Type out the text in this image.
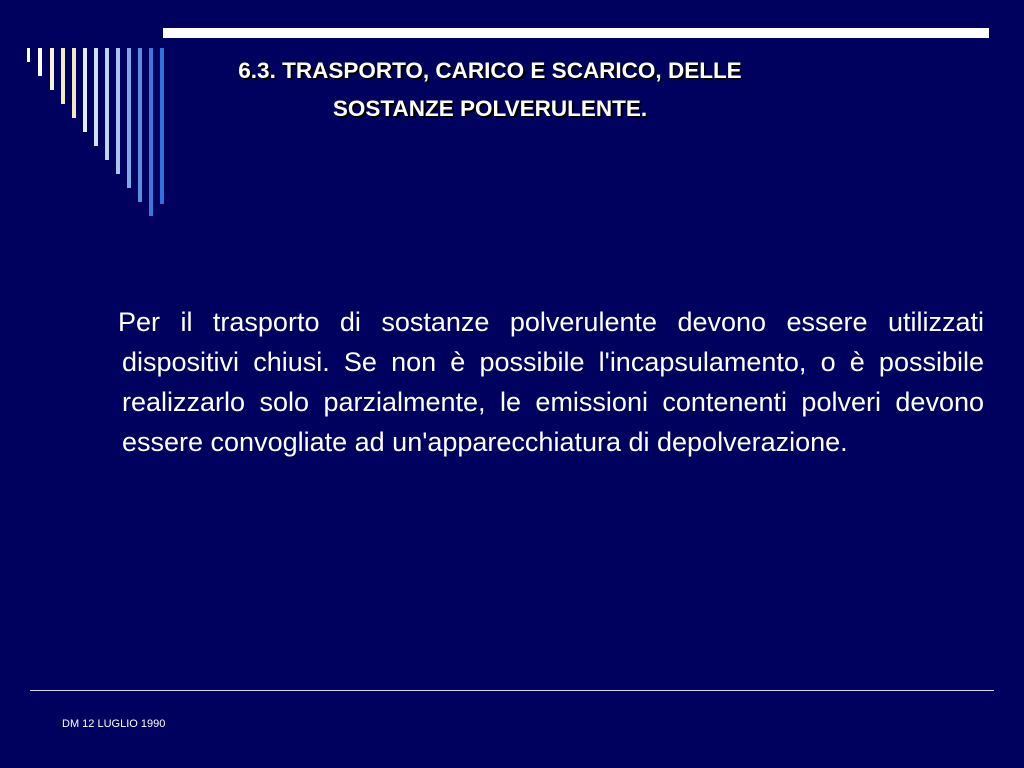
6.3. TRASPORTO, CARICO E SCARICO, DELLE
SOSTANZE POLVERULENTE.
Per il trasporto di sostanze polverulente devono essere utilizzati dispositivi chiusi. Se non è possibile l'incapsulamento, o è possibile realizzarlo solo parzialmente, le emissioni contenenti polveri devono essere convogliate ad un'apparecchiatura di depolverazione.
DM 12 LUGLIO 1990
